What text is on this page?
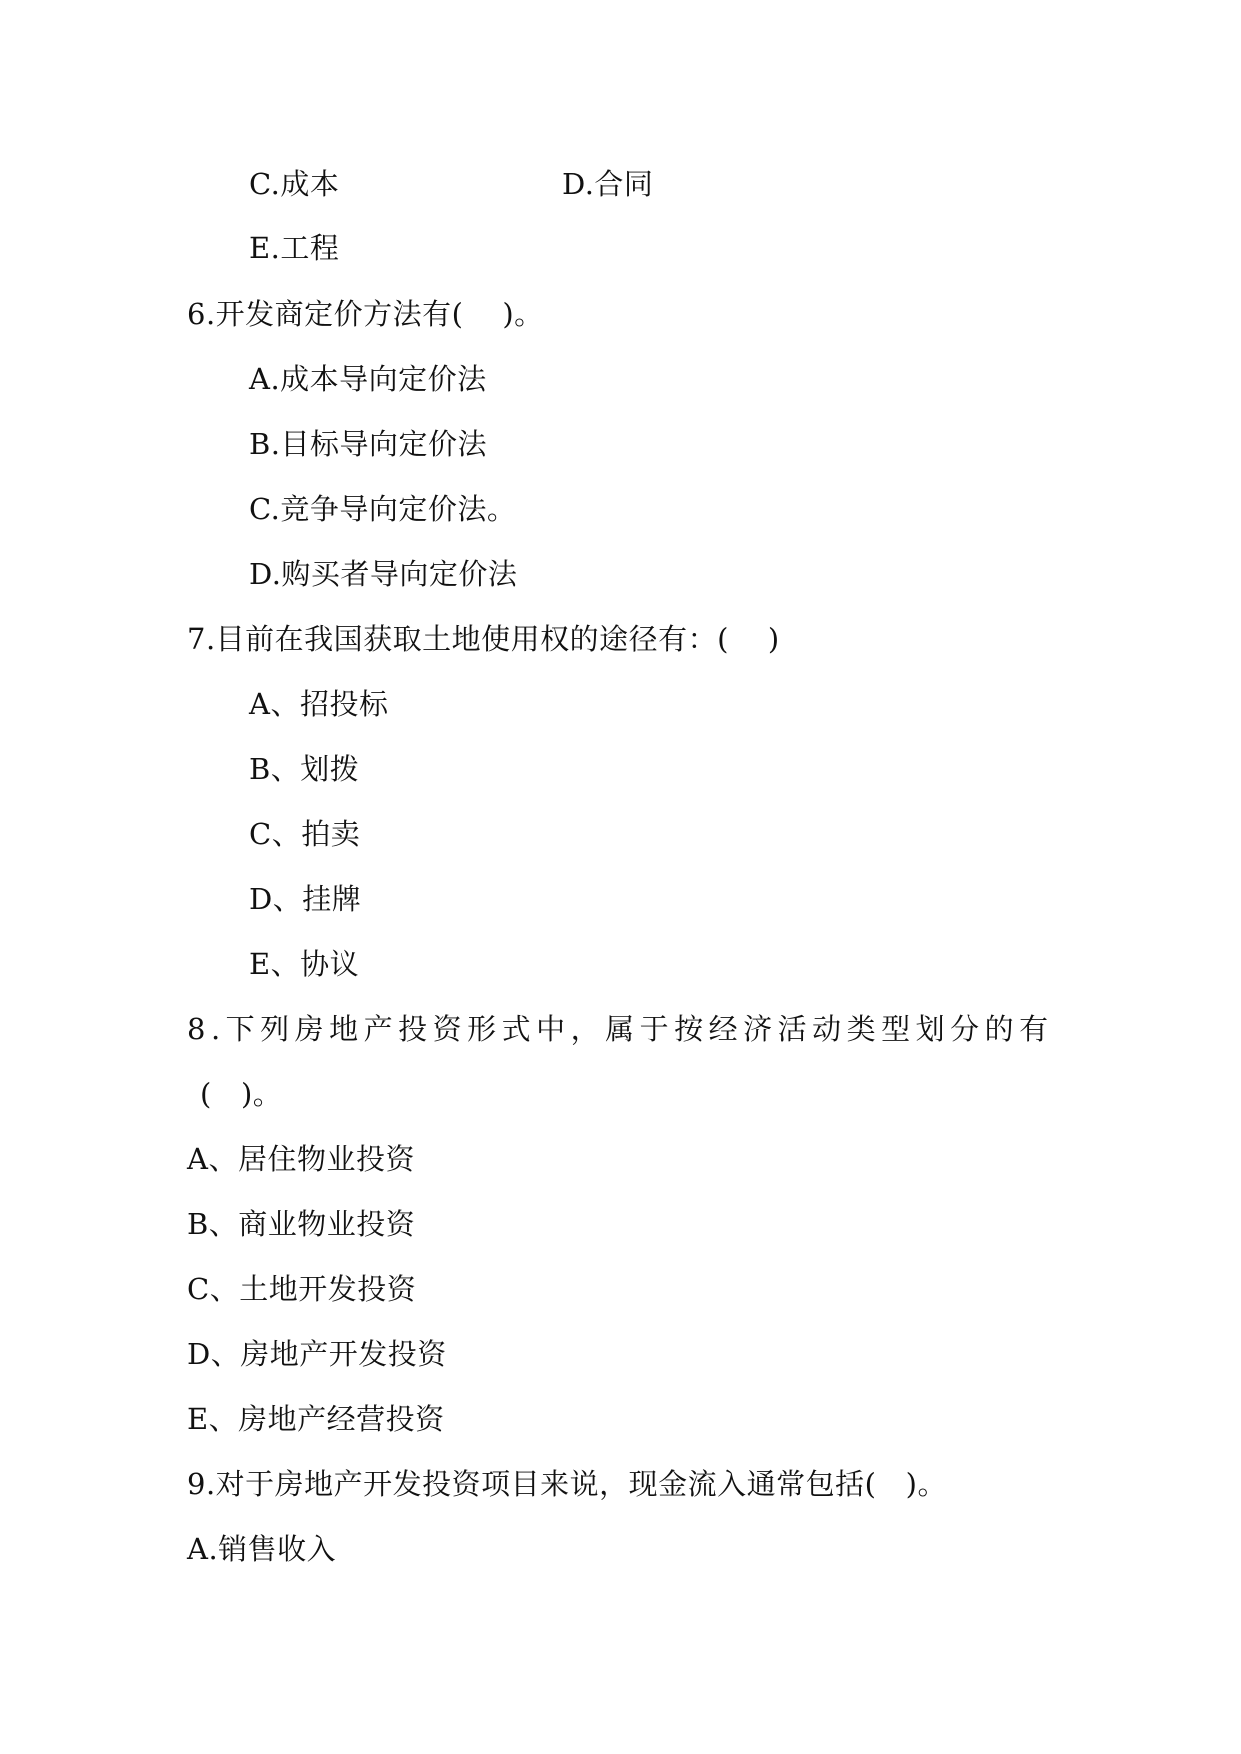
C.成本	D.合同
E.工程
6.开发商定价方法有(    )。
A.成本导向定价法
B.目标导向定价法
C.竞争导向定价法。
D.购买者导向定价法
7.目前在我国获取土地使用权的途径有：(    )
A、招投标
B、划拨
C、拍卖
D、挂牌
E、协议
8.下列房地产投资形式中，属于按经济活动类型划分的有
(   )。
A、居住物业投资
B、商业物业投资
C、土地开发投资
D、房地产开发投资
E、房地产经营投资
9.对于房地产开发投资项目来说，现金流入通常包括(   )。
A.销售收入
